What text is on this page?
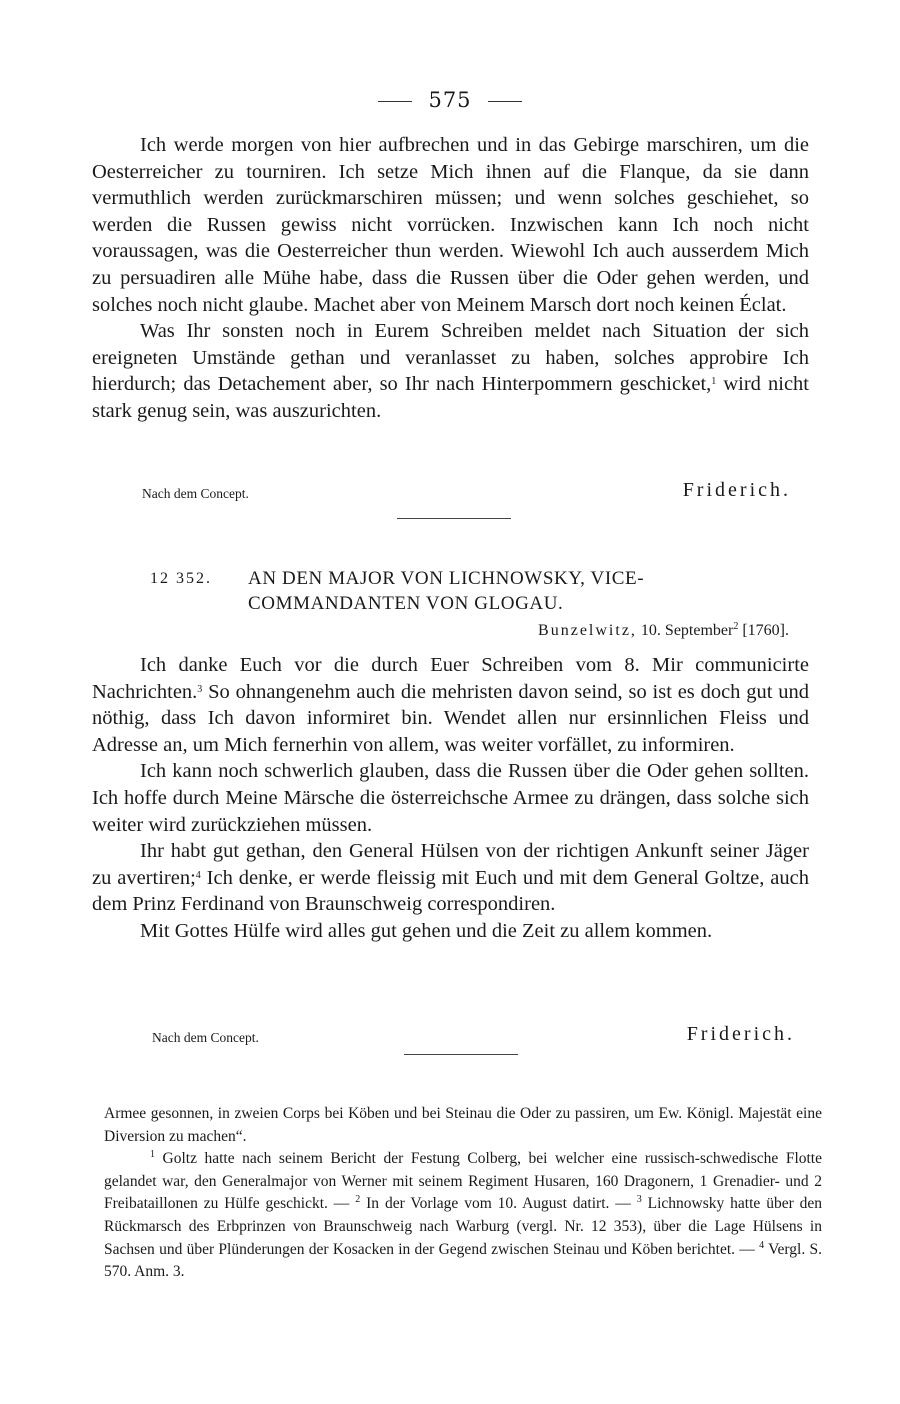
575

Ich werde morgen von hier aufbrechen und in das Gebirge marschiren, um die Oesterreicher zu tourniren. Ich setze Mich ihnen auf die Flanque, da sie dann vermuthlich werden zurückmarschiren müssen; und wenn solches geschiehet, so werden die Russen gewiss nicht vorrücken. Inzwischen kann Ich noch nicht voraussagen, was die Oesterreicher thun werden. Wiewohl Ich auch ausserdem Mich zu persuadiren alle Mühe habe, dass die Russen über die Oder gehen werden, und solches noch nicht glaube. Machet aber von Meinem Marsch dort noch keinen Éclat.

Was Ihr sonsten noch in Eurem Schreiben meldet nach Situation der sich ereigneten Umstände gethan und veranlasset zu haben, solches approbire Ich hierdurch; das Detachement aber, so Ihr nach Hinterpommern geschicket,$^1$ wird nicht stark genug sein, was auszurichten.

Nach dem Concept.	Friderich.
12 352. AN DEN MAJOR VON LICHNOWSKY, VICE-
COMMANDANTEN VON GLOGAU.
Bunzelwitz, 10. September$^2$ [1760].

Ich danke Euch vor die durch Euer Schreiben vom 8. Mir communicirte Nachrichten.$^3$ So ohnangenehm auch die mehristen davon seind, so ist es doch gut und nöthig, dass Ich davon informiret bin. Wendet allen nur ersinnlichen Fleiss und Adresse an, um Mich fernerhin von allem, was weiter vorfället, zu informiren.

Ich kann noch schwerlich glauben, dass die Russen über die Oder gehen sollten. Ich hoffe durch Meine Märsche die österreichsche Armee zu drängen, dass solche sich weiter wird zurückziehen müssen.

Ihr habt gut gethan, den General Hülsen von der richtigen Ankunft seiner Jäger zu avertiren;$^4$ Ich denke, er werde fleissig mit Euch und mit dem General Goltze, auch dem Prinz Ferdinand von Braunschweig correspondiren.

Mit Gottes Hülfe wird alles gut gehen und die Zeit zu allem kommen.

Nach dem Concept.	Friderich.

Armee gesonnen, in zweien Corps bei Köben und bei Steinau die Oder zu passiren, um Ew. Königl. Majestät eine Diversion zu machen“.

$^1$ Goltz hatte nach seinem Bericht der Festung Colberg, bei welcher eine russisch-schwedische Flotte gelandet war, den Generalmajor von Werner mit seinem Regiment Husaren, 160 Dragonern, 1 Grenadier- und 2 Freibataillonen zu Hülfe geschickt. — $^2$ In der Vorlage vom 10. August datirt. — $^3$ Lichnowsky hatte über den Rückmarsch des Erbprinzen von Braunschweig nach Warburg (vergl. Nr. 12 353), über die Lage Hülsens in Sachsen und über Plünderungen der Kosacken in der Gegend zwischen Steinau und Köben berichtet. — $^4$ Vergl. S. 570. Anm. 3.
